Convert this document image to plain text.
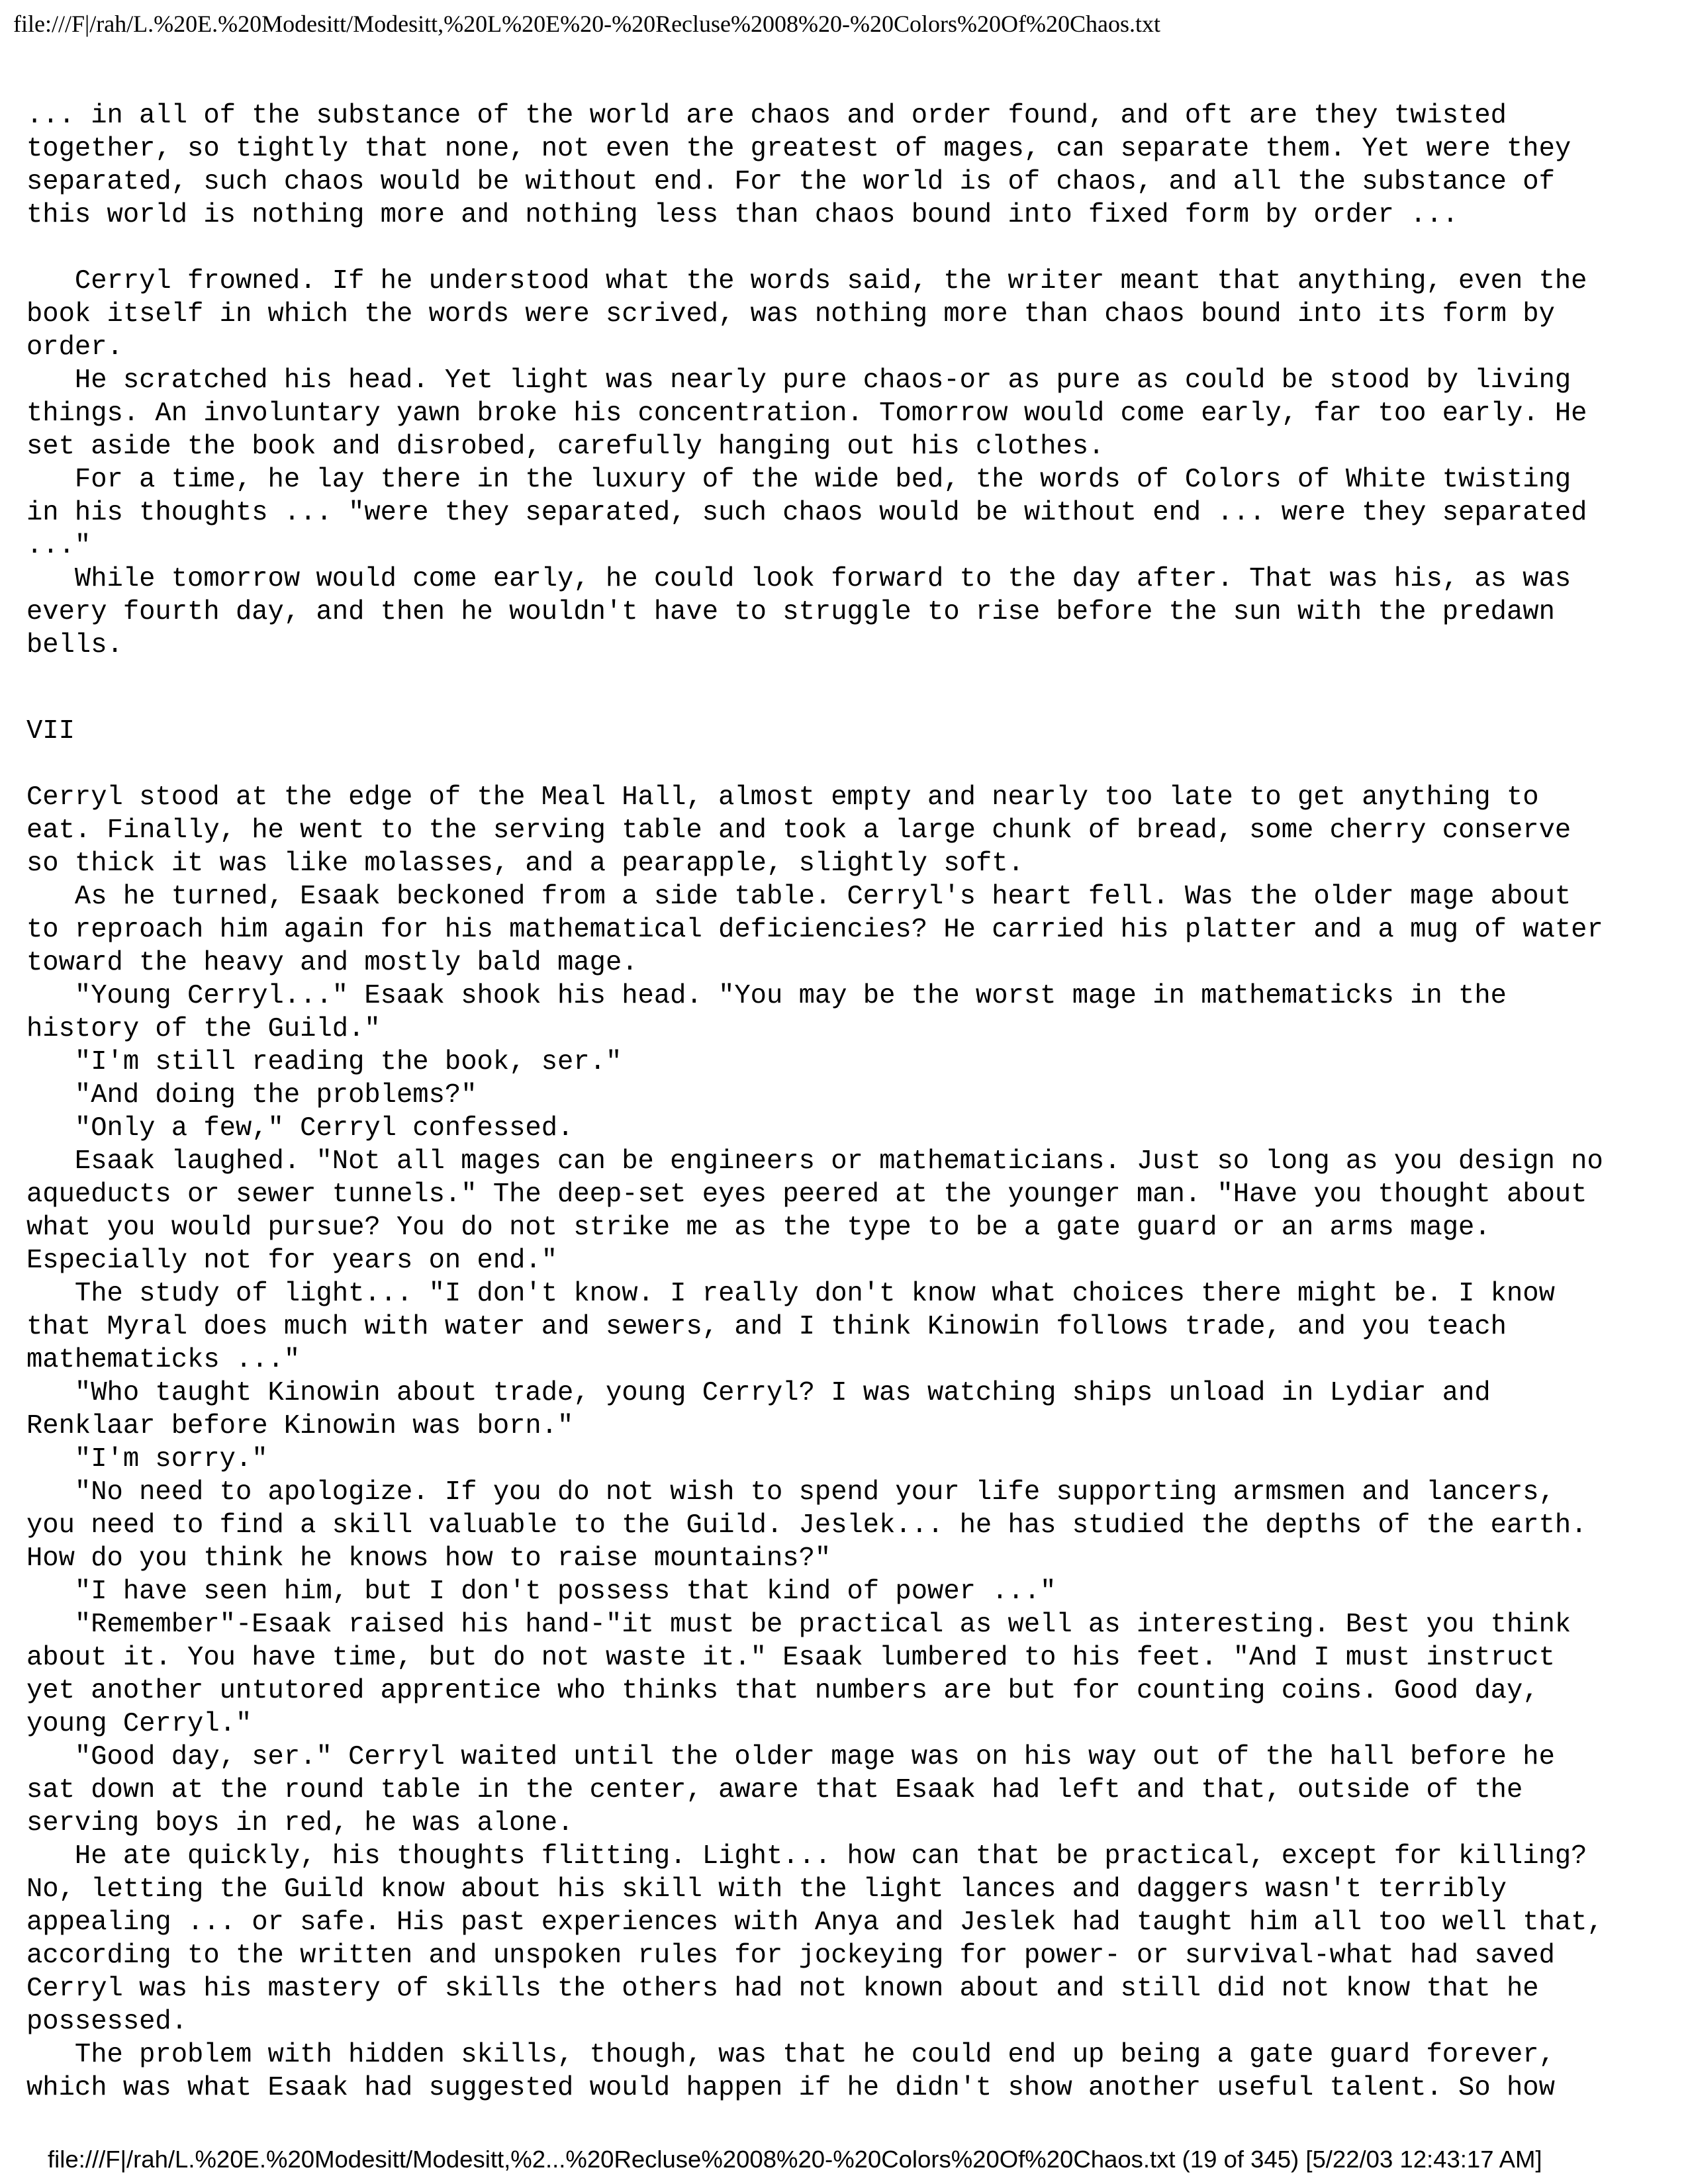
file:///F|/rah/L.%20E.%20Modesitt/Modesitt,%20L%20E%20-%20Recluse%2008%20-%20Colors%20Of%20Chaos.txt
... in all of the substance of the world are chaos and order found, and oft are they twisted
together, so tightly that none, not even the greatest of mages, can separate them. Yet were they
separated, such chaos would be without end. For the world is of chaos, and all the substance of
this world is nothing more and nothing less than chaos bound into fixed form by order ...
Cerryl frowned. If he understood what the words said, the writer meant that anything, even the
book itself in which the words were scrived, was nothing more than chaos bound into its form by
order.
He scratched his head. Yet light was nearly pure chaos-or as pure as could be stood by living
things. An involuntary yawn broke his concentration. Tomorrow would come early, far too early. He
set aside the book and disrobed, carefully hanging out his clothes.
For a time, he lay there in the luxury of the wide bed, the words of Colors of White twisting
in his thoughts ... "were they separated, such chaos would be without end ... were they separated
..."
While tomorrow would come early, he could look forward to the day after. That was his, as was
every fourth day, and then he wouldn't have to struggle to rise before the sun with the predawn
bells.
VII
Cerryl stood at the edge of the Meal Hall, almost empty and nearly too late to get anything to
eat. Finally, he went to the serving table and took a large chunk of bread, some cherry conserve
so thick it was like molasses, and a pearapple, slightly soft.
As he turned, Esaak beckoned from a side table. Cerryl's heart fell. Was the older mage about
to reproach him again for his mathematical deficiencies? He carried his platter and a mug of water
toward the heavy and mostly bald mage.
"Young Cerryl..." Esaak shook his head. "You may be the worst mage in mathematicks in the
history of the Guild."
"I'm still reading the book, ser."
"And doing the problems?"
"Only a few," Cerryl confessed.
Esaak laughed. "Not all mages can be engineers or mathematicians. Just so long as you design no
aqueducts or sewer tunnels." The deep-set eyes peered at the younger man. "Have you thought about
what you would pursue? You do not strike me as the type to be a gate guard or an arms mage.
Especially not for years on end."
The study of light... "I don't know. I really don't know what choices there might be. I know
that Myral does much with water and sewers, and I think Kinowin follows trade, and you teach
mathematicks ..."
"Who taught Kinowin about trade, young Cerryl? I was watching ships unload in Lydiar and
Renklaar before Kinowin was born."
"I'm sorry."
"No need to apologize. If you do not wish to spend your life supporting armsmen and lancers,
you need to find a skill valuable to the Guild. Jeslek... he has studied the depths of the earth.
How do you think he knows how to raise mountains?"
"I have seen him, but I don't possess that kind of power ..."
"Remember"-Esaak raised his hand-"it must be practical as well as interesting. Best you think
about it. You have time, but do not waste it." Esaak lumbered to his feet. "And I must instruct
yet another untutored apprentice who thinks that numbers are but for counting coins. Good day,
young Cerryl."
"Good day, ser." Cerryl waited until the older mage was on his way out of the hall before he
sat down at the round table in the center, aware that Esaak had left and that, outside of the
serving boys in red, he was alone.
He ate quickly, his thoughts flitting. Light... how can that be practical, except for killing?
No, letting the Guild know about his skill with the light lances and daggers wasn't terribly
appealing ... or safe. His past experiences with Anya and Jeslek had taught him all too well that,
according to the written and unspoken rules for jockeying for power- or survival-what had saved
Cerryl was his mastery of skills the others had not known about and still did not know that he
possessed.
The problem with hidden skills, though, was that he could end up being a gate guard forever,
which was what Esaak had suggested would happen if he didn't show another useful talent. So how
file:///F|/rah/L.%20E.%20Modesitt/Modesitt,%2...%20Recluse%2008%20-%20Colors%20Of%20Chaos.txt (19 of 345) [5/22/03 12:43:17 AM]
